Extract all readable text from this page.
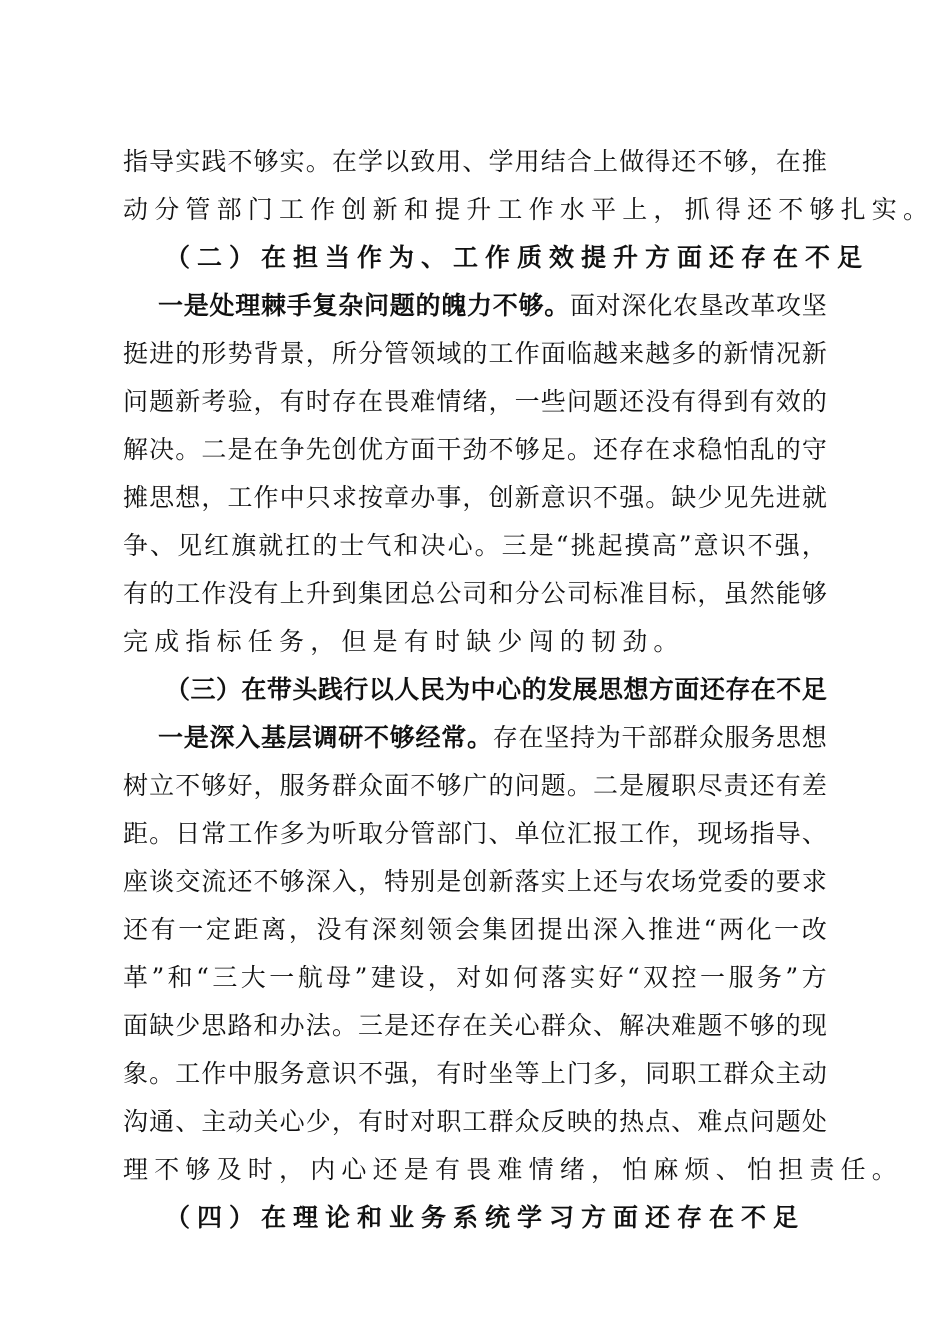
指 导 实 践 不 够 实 。 在 学 以 致 用 、 学 用 结 合 上 做 得 还 不 够 ， 在 推
动分管部门工作创新和提升工作水平上，抓得还不够扎实。
（二）在担当作为、工作质效提升方面还存在不足
一 是 处 理 棘 手 复 杂 问 题 的 魄 力 不 够 。 面 对 深 化 农 垦 改 革 攻 坚
挺 进 的 形 势 背 景 ， 所 分 管 领 域 的 工 作 面 临 越 来 越 多 的 新 情 况 新
问 题 新 考 验 ， 有 时 存 在 畏 难 情 绪 ， 一 些 问 题 还 没 有 得 到 有 效 的
解 决 。 二 是 在 争 先 创 优 方 面 干 劲 不 够 足 。 还 存 在 求 稳 怕 乱 的 守
摊 思 想 ， 工 作 中 只 求 按 章 办 事 ， 创 新 意 识 不 强 。 缺 少 见 先 进 就
争 、 见 红 旗 就 扛 的 士 气 和 决 心 。 三 是 “ 挑 起 摸 高 ” 意 识 不 强 ，
有 的 工 作 没 有 上 升 到 集 团 总 公 司 和 分 公 司 标 准 目 标 ， 虽 然 能 够
完成指标任务，但是有时缺少闯的韧劲。
（ 三 ） 在 带 头 践 行 以 人 民 为 中 心 的 发 展 思 想 方 面 还 存 在 不 足
一 是 深 入 基 层 调 研 不 够 经 常 。 存 在 坚 持 为 干 部 群 众 服 务 思 想
树 立 不 够 好 ， 服 务 群 众 面 不 够 广 的 问 题 。 二 是 履 职 尽 责 还 有 差
距 。 日 常 工 作 多 为 听 取 分 管 部 门 、 单 位 汇 报 工 作 ， 现 场 指 导 、
座 谈 交 流 还 不 够 深 入 ， 特 别 是 创 新 落 实 上 还 与 农 场 党 委 的 要 求
还 有 一 定 距 离 ， 没 有 深 刻 领 会 集 团 提 出 深 入 推 进 “ 两 化 一 改
革 ” 和 “ 三 大 一 航 母 ” 建 设 ， 对 如 何 落 实 好 “ 双 控 一 服 务 ” 方
面 缺 少 思 路 和 办 法 。 三 是 还 存 在 关 心 群 众 、 解 决 难 题 不 够 的 现
象 。 工 作 中 服 务 意 识 不 强 ， 有 时 坐 等 上 门 多 ， 同 职 工 群 众 主 动
沟 通 、 主 动 关 心 少 ， 有 时 对 职 工 群 众 反 映 的 热 点 、 难 点 问 题 处
理不够及时，内心还是有畏难情绪，怕麻烦、怕担责任。
（四）在理论和业务系统学习方面还存在不足
